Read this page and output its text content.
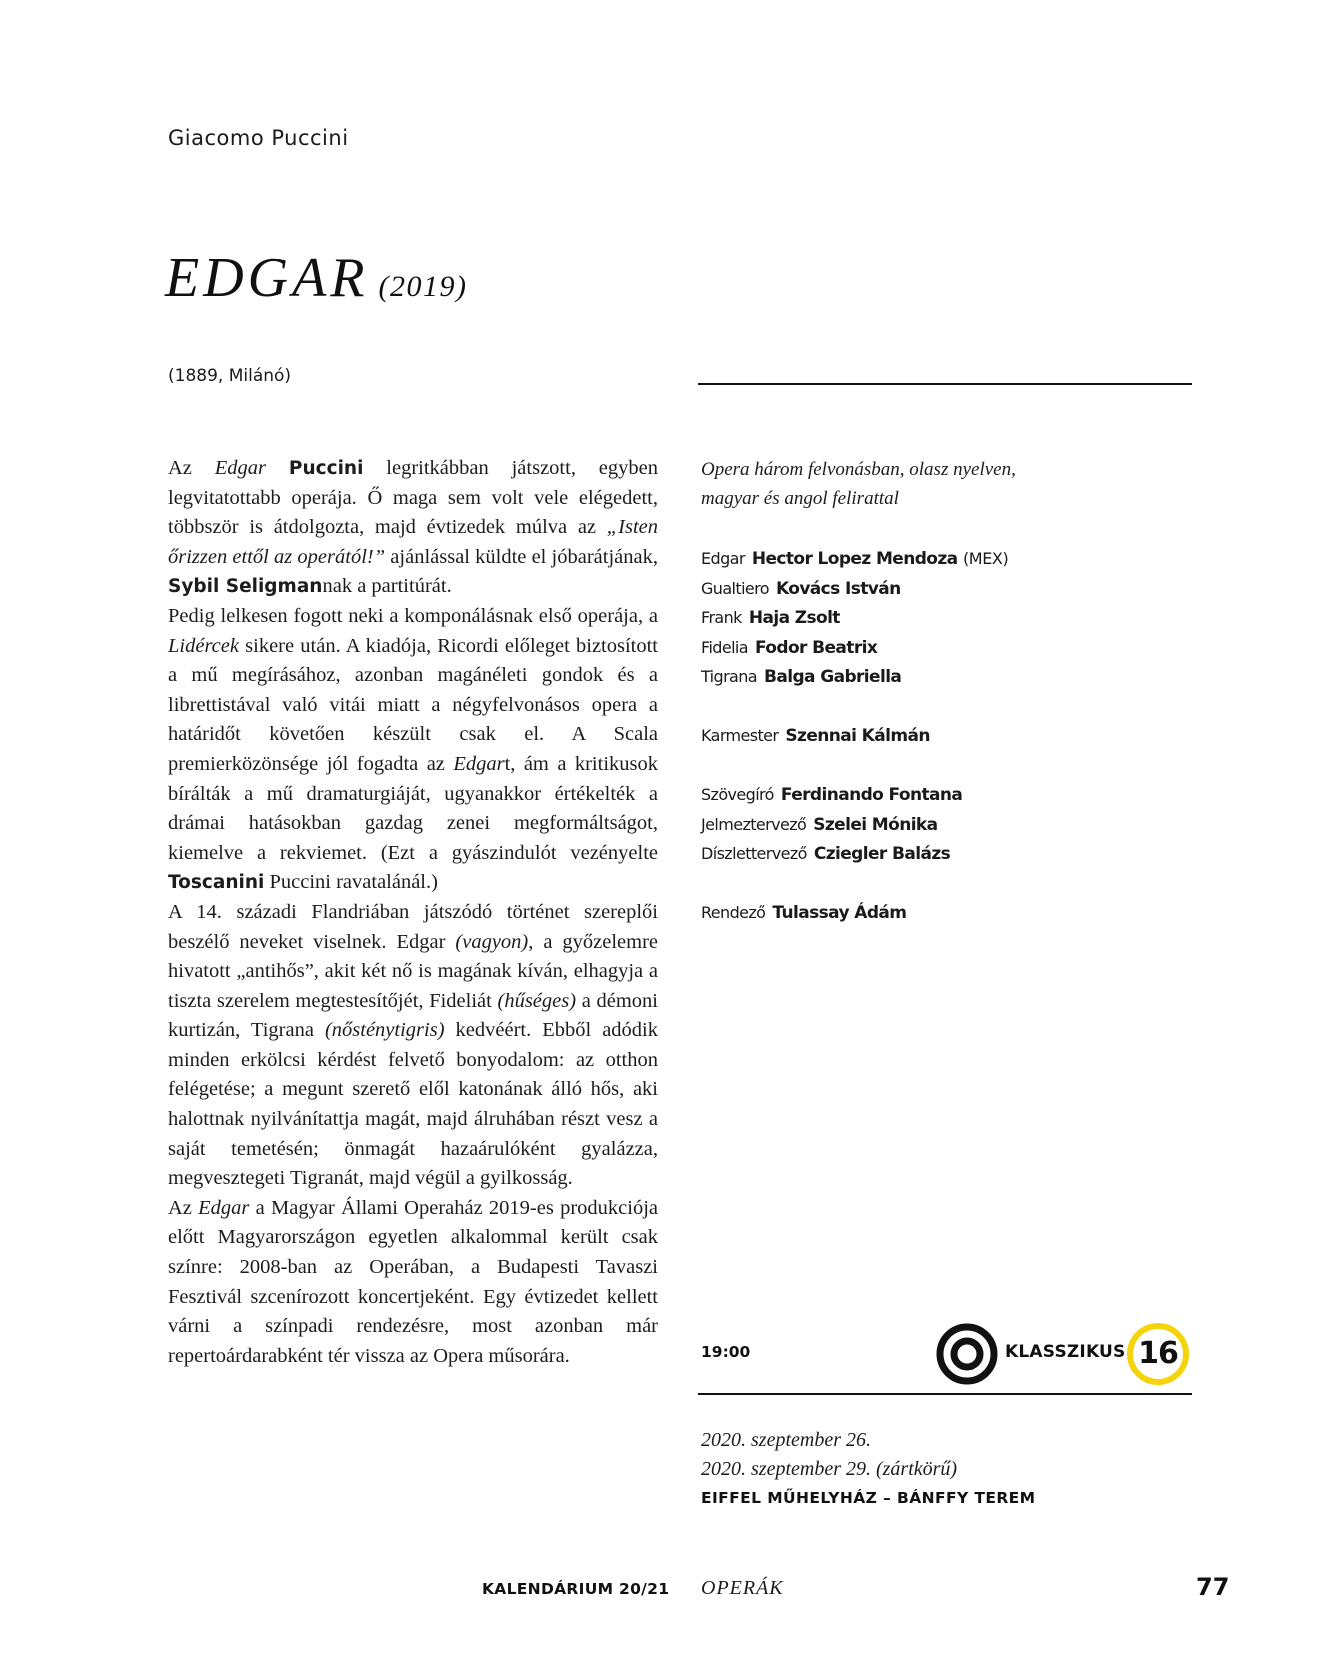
Giacomo Puccini
EDGAR (2019)
(1889, Milánó)

Az Edgar Puccini legritkábban játszott, egyben legvitatottabb operája. Ő maga sem volt vele elégedett, többször is átdolgozta, majd évtizedek múlva az „Isten őrizzen ettől az operától!” ajánlással küldte el jóbarátjának, Sybil Seligmannak a partitúrát.

Pedig lelkesen fogott neki a komponálásnak első operája, a Lidércek sikere után. A kiadója, Ricordi előleget biztosított a mű megírásához, azonban magánéleti gondok és a librettistával való vitái miatt a négyfelvonásos opera a határidőt követően készült csak el. A Scala premierközönsége jól fogadta az Edgart, ám a kritikusok bírálták a mű dramaturgiáját, ugyanakkor értékelték a drámai hatásokban gazdag zenei megformáltságot, kiemelve a rekviemet. (Ezt a gyászindulót vezényelte Toscanini Puccini ravatalánál.)

A 14. századi Flandriában játszódó történet szereplői beszélő neveket viselnek. Edgar (vagyon), a győzelemre hivatott „antihős”, akit két nő is magának kíván, elhagyja a tiszta szerelem megtestesítőjét, Fideliát (hűséges) a démoni kurtizán, Tigrana (nősténytigris) kedvéért. Ebből adódik minden erkölcsi kérdést felvető bonyodalom: az otthon felégetése; a megunt szerető elől katonának álló hős, aki halottnak nyilvánítattja magát, majd álruhában részt vesz a saját temetésén; önmagát hazaárulóként gyalázza, megvesztegeti Tigranát, majd végül a gyilkosság.

Az Edgar a Magyar Állami Operaház 2019-es produkciója előtt Magyarországon egyetlen alkalommal került csak színre: 2008-ban az Operában, a Budapesti Tavaszi Fesztivál szcenírozott koncertjeként. Egy évtizedet kellett várni a színpadi rendezésre, most azonban már repertoárdarabként tér vissza az Opera műsorára.

Opera három felvonásban, olasz nyelven,
magyar és angol felirattal
Edgar Hector Lopez Mendoza (MEX)
Gualtiero Kovács István
Frank Haja Zsolt
Fidelia Fodor Beatrix
Tigrana Balga Gabriella
Karmester Szennai Kálmán
Szövegíró Ferdinando Fontana
Jelmeztervező Szelei Mónika
Díszlettervező Cziegler Balázs
Rendező Tulassay Ádám
19:00	KLASSZIKUS 16
2020. szeptember 26.
2020. szeptember 29. (zártkörű)
EIFFEL MŰHELYHÁZ – BÁNFFY TEREM
KALENDÁRIUM 20/21 OPERÁK	77
